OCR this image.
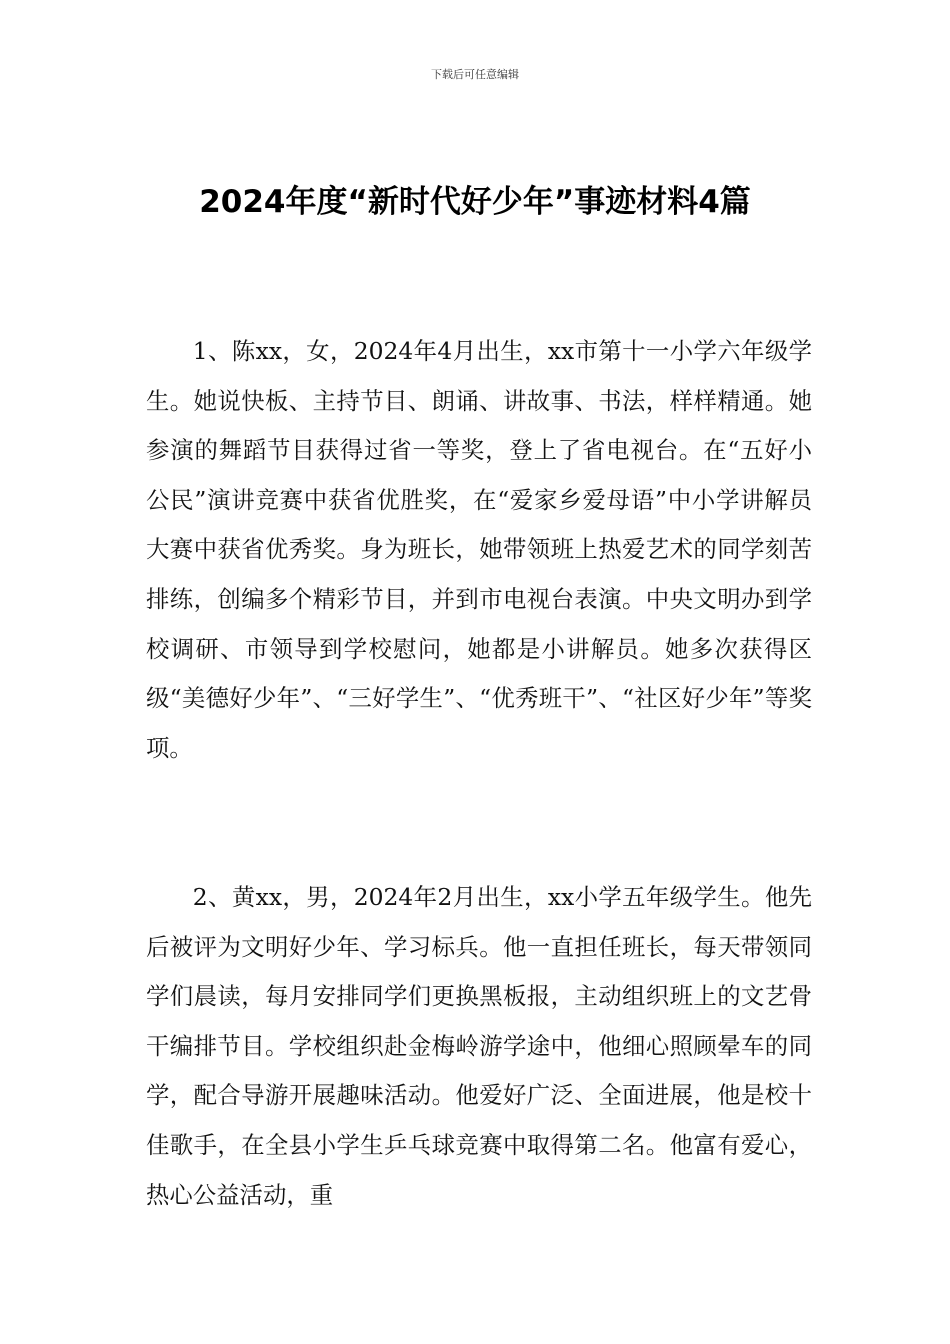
下载后可任意编辑
2024年度“新时代好少年”事迹材料4篇
1、陈xx，女，2024年4月出生，xx市第十一小学六年级学生。她说快板、主持节目、朗诵、讲故事、书法，样样精通。她参演的舞蹈节目获得过省一等奖，登上了省电视台。在“五好小公民”演讲竞赛中获省优胜奖，在“爱家乡爱母语”中小学讲解员大赛中获省优秀奖。身为班长，她带领班上热爱艺术的同学刻苦排练，创编多个精彩节目，并到市电视台表演。中央文明办到学校调研、市领导到学校慰问，她都是小讲解员。她多次获得区级“美德好少年”、“三好学生”、“优秀班干”、“社区好少年”等奖项。
2、黄xx，男，2024年2月出生，xx小学五年级学生。他先后被评为文明好少年、学习标兵。他一直担任班长，每天带领同学们晨读，每月安排同学们更换黑板报，主动组织班上的文艺骨干编排节目。学校组织赴金梅岭游学途中，他细心照顾晕车的同学，配合导游开展趣味活动。他爱好广泛、全面进展，他是校十佳歌手，在全县小学生乒乓球竞赛中取得第二名。他富有爱心，热心公益活动，重
